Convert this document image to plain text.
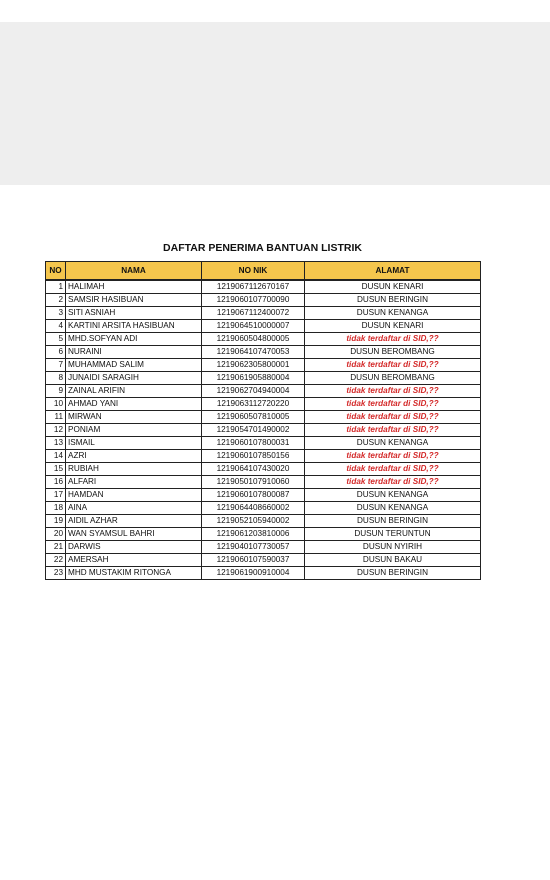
DAFTAR PENERIMA BANTUAN LISTRIK
NO	NAMA	NO NIK	ALAMAT
1	HALIMAH	1219067112670167	DUSUN KENARI
2	SAMSIR HASIBUAN	1219060107700090	DUSUN BERINGIN
3	SITI ASNIAH	1219067112400072	DUSUN KENANGA
4	KARTINI ARSITA HASIBUAN	1219064510000007	DUSUN KENARI
5	MHD.SOFYAN ADI	1219060504800005	tidak terdaftar di SID,??
6	NURAINI	1219064107470053	DUSUN BEROMBANG
7	MUHAMMAD SALIM	1219062305800001	tidak terdaftar di SID,??
8	JUNAIDI SARAGIH	1219061905880004	DUSUN BEROMBANG
9	ZAINAL ARIFIN	1219062704940004	tidak terdaftar di SID,??
10	AHMAD YANI	1219063112720220	tidak terdaftar di SID,??
11	MIRWAN	1219060507810005	tidak terdaftar di SID,??
12	PONIAM	1219054701490002	tidak terdaftar di SID,??
13	ISMAIL	1219060107800031	DUSUN KENANGA
14	AZRI	1219060107850156	tidak terdaftar di SID,??
15	RUBIAH	1219064107430020	tidak terdaftar di SID,??
16	ALFARI	1219050107910060	tidak terdaftar di SID,??
17	HAMDAN	1219060107800087	DUSUN KENANGA
18	AINA	1219064408660002	DUSUN KENANGA
19	AIDIL AZHAR	1219052105940002	DUSUN BERINGIN
20	WAN SYAMSUL BAHRI	1219061203810006	DUSUN TERUNTUN
21	DARWIS	1219040107730057	DUSUN NYIRIH
22	AMERSAH	1219060107590037	DUSUN BAKAU
23	MHD MUSTAKIM RITONGA	1219061900910004	DUSUN BERINGIN
